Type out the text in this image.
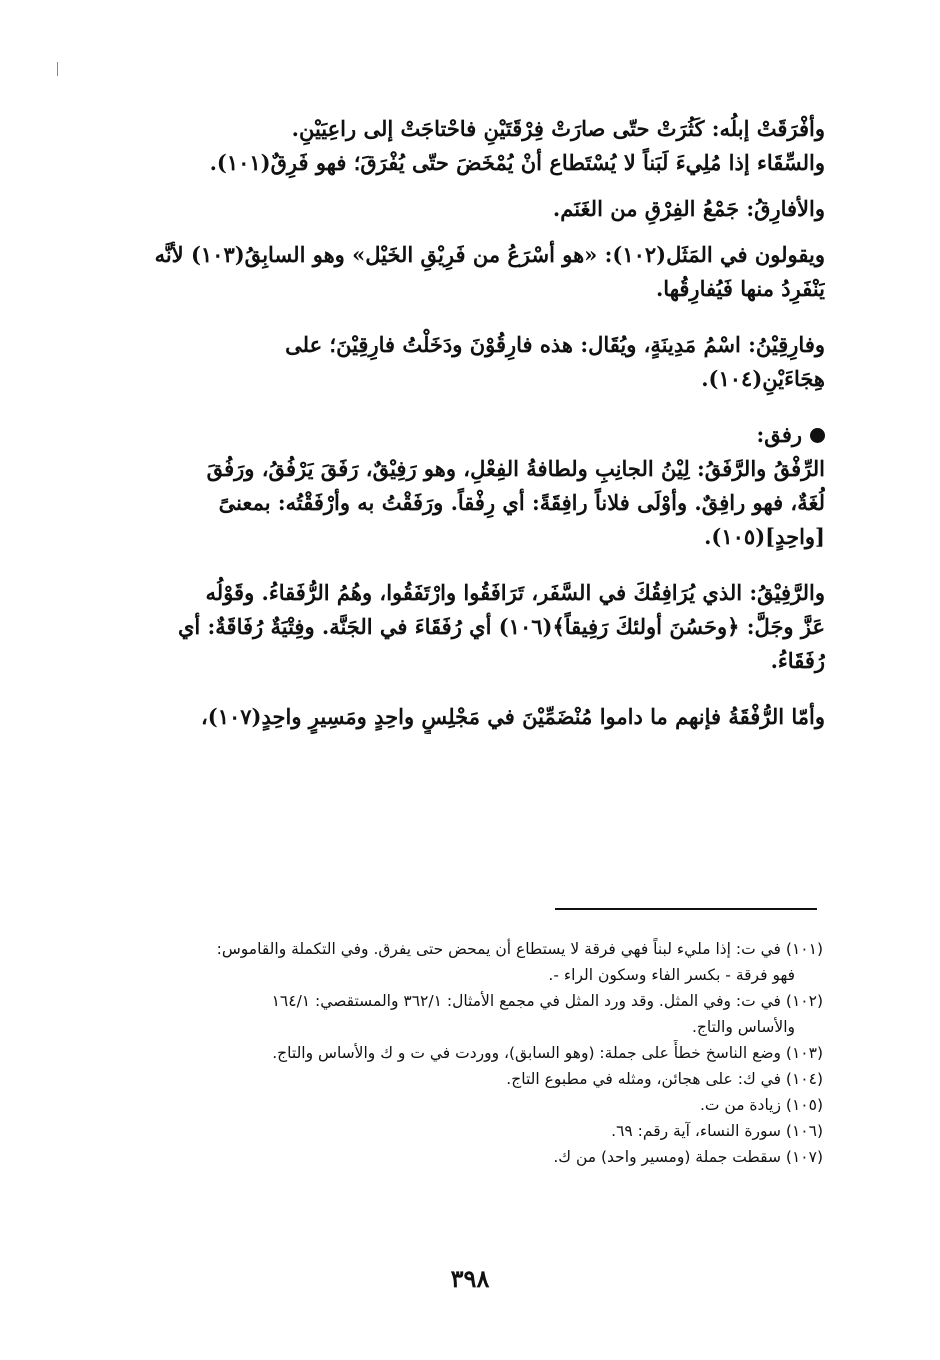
وأفْرَقَتْ إبلُه: كَثُرَتْ حتّى صارَتْ فِرْقَتَيْنِ فاحْتاجَتْ إلى راعِيَيْنِ.
والسِّقَاء إذا مُلِيءَ لَبَناً لا يُسْتَطاع أنْ يُمْخَضَ حتّى يُفْرَقَ؛ فهو فَرِقٌ(١٠١).
والأفارِقُ: جَمْعُ الفِرْقِ من الغَنَم.
ويقولون في المَثَل(١٠٢): «هو أسْرَعُ من فَرِيْقِ الخَيْل» وهو السابِقُ(١٠٣) لأنَّه
يَنْفَرِدُ منها فَيُفارِقُها.
وفارِقِيْنُ: اسْمُ مَدِينَةٍ، ويُقَال: هذه فارِقُوْنَ ودَخَلْتُ فارِقِيْنَ؛ على
هِجَاءَيْنِ(١٠٤).
رفق:
الرِّفْقُ والرَّفَقُ: لِيْنُ الجانِبِ ولطافةُ الفِعْلِ، وهو رَفِيْقٌ، رَفَقَ يَرْفُقُ، ورَفُقَ
لُغَةٌ، فهو رافِقٌ. وأوْلَى فلاناً رافِقَةً: أي رِفْقاً. ورَفَقْتُ به وأرْفَقْتُه: بمعنىً
[واحِدٍ](١٠٥).
والرَّفِيْقُ: الذي يُرَافِقُكَ في السَّفَر، تَرَافَقُوا وارْتَفَقُوا، وهُمُ الرُّفَقاءُ. وقَوْلُه
عَزَّ وجَلَّ: ﴿وحَسُنَ أولئكَ رَفِيقاً﴾(١٠٦) أي رُفَقَاءَ في الجَنَّة. وفِتْيَةٌ رُفَاقَةٌ: أي
رُفَقَاءُ.
وأمّا الرُّفْقَةُ فإنهم ما داموا مُنْضَمِّيْنَ في مَجْلِسٍ واحِدٍ ومَسِيرٍ واحِدٍ(١٠٧)،
(١٠١) في ت: إذا مليء لبناً فهي فرقة لا يستطاع أن يمحض حتى يفرق. وفي التكملة والقاموس:
فهو فرقة - بكسر الفاء وسكون الراء -.
(١٠٢) في ت: وفي المثل. وقد ورد المثل في مجمع الأمثال: ٣٦٢/١ والمستقصي: ١٦٤/١
والأساس والتاج.
(١٠٣) وضع الناسخ خطأً على جملة: (وهو السابق)، ووردت في ت و ك والأساس والتاج.
(١٠٤) في ك: على هجائن، ومثله في مطبوع التاج.
(١٠٥) زيادة من ت.
(١٠٦) سورة النساء، آية رقم: ٦٩.
(١٠٧) سقطت جملة (ومسير واحد) من ك.
٣٩٨
